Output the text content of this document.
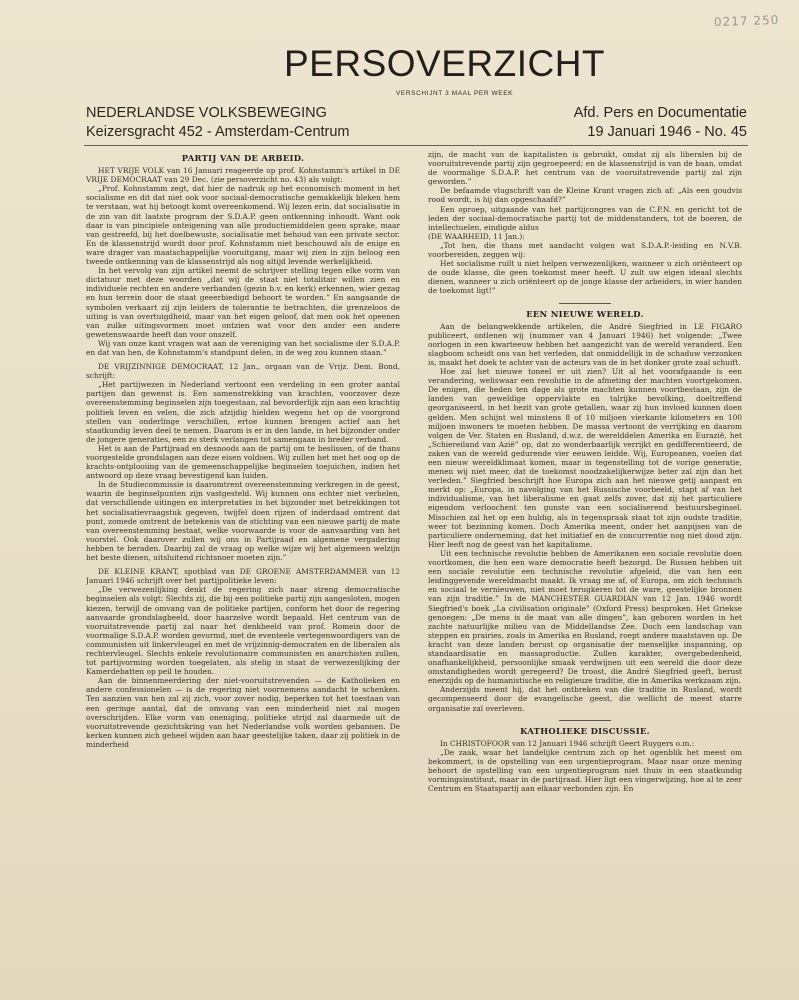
0217 250
PERSOVERZICHT
VERSCHIJNT 3 MAAL PER WEEK
NEDERLANDSE VOLKSBEWEGING
Keizersgracht 452 - Amsterdam-Centrum
Afd. Pers en Documentatie
19 Januari 1946 - No. 45
PARTIJ VAN DE ARBEID.

HET VRIJE VOLK van 16 Januari reageerde op prof. Kohnstamm's artikel in DE VRIJE DEMOCRAAT van 29 Dec. (zie persoverzicht no. 43) als volgt:

„Prof. Kohnstamm zegt, dat hier de nadruk op het economisch moment in het socialisme en dit dat niet ook voor sociaal-democratische gemakkelijk bleken hem te verstaan, wat hij betoogt komt overeenkomend. Wij lezen erin, dat socialisatie in de zin van dit laatste program der S.D.A.P. geen ontkenning inhoudt. Want ook daar is van pincipiele onteigening van alle productiemiddelen geen sprake, maar van gestreefd, bij het doelbewuste, socialisatie met behoud van een private sector. En de klassenstrijd wordt door prof. Kohnstamm niet beschouwd als de enige en ware drager van maatschappelijke vooruitgang, maar wij zien in zijn beloog een tweede ontkenning van de klassenstrijd als nog altijd levende werkelijkheid.

In het vervolg van zijn artikel neemt de schrijver stelling tegen elke vorm van dictatuur met deze woorden „dat wij de staat niet totalitair willen zien en individuele rechten en andere verbanden (gezin b.v. en kerk) erkennen, wier gezag en hun terrein door de staat geeerbiedigd behoort te worden.” En aangaande de symbolen verkaart zij zijn leiders de tolerantie te betrachten, die grenzeloos de uiting is van overtuigdheid, maar van het eigen geloof, dat men ook het opeenen van zulke uitingsvormen moet ontzien wat voor den ander een andere gewetenswaarde heeft dan voor onszelf.

Wij van onze kant vragen wat aan de vereniging van het socialisme der S.D.A.P. en dat van hen, de Kohnstamm's standpunt delen, in de weg zou kunnen staan.”

DE VRIJZINNIGE DEMOCRAAT, 12 Jan., orgaan van de Vrijz. Dem. Bond, schrijft:

„Het partijwezen in Nederland vertoont een verdeling in een groter aantal partijen dan gewenst is. Een samenstrekking van krachten, voorzover deze overeenstemming beginselen zijn toegestaan, zal bevorderlijk zijn aan een krachtig politiek leven en velen, die zich afzijdig hielden wegens het op de voorgrond stellen van onderlinge verschillen, ertoe kunnen brengen actief aan het staatkundig leven deel te nemen. Daarom is er in den lande, in het bijzonder onder de jongere generaties, een zo sterk verlangen tot samengaan in breder verband.

Het is aan de Partijraad en desnoods aan de partij om te beslissen, of de thans voorgestelde grondslagen aan deze eisen voldoen. Wij zullen het met het oog op de krachts-ontplooiing van de gemeenschappelijke beginselen toejuichen, indien het antwoord op deze vraag bevestigend kan luiden.

In de Studiecommissie is daaromtrent overeenstemming verkregen in de geest, waarin de beginselpunten zijn vastgesteld. Wij kunnen ons echter niet verhelen, dat verschillende uitingen en interpretaties in het bijzonder met betrekkingen tot het socialisatievraagstuk gegeven, twijfel doen rijzen of inderdaad omtrent dat punt, zomede omtrent de betekenis van de stichting van een nieuwe partij de mate van overeenstemming bestaat, welke voorwaarde is voor de aanvaarding van het voorstel. Ook daarover zullen wij ons in Partijraad en algemene vergadering hebben te beraden. Daarbij zal de vraag op welke wijze wij het algemeen welzijn het beste dienen, uitsluitend richtsnoer moeten zijn.”

DE KLEINE KRANT, spotblad van DE GROENE AMSTERDAMMER van 12 Januari 1946 schrijft over het partijpolitieke leven:

„De verwezenlijking denkt de regering zich naar streng democratische beginselen als volgt: Slechts zij, die bij een politieke partij zijn aangesloten, mogen kiezen, terwijl de omvang van de politieke partijen, conform het door de regering aanvaarde grondslagbeeld, door haarzelve wordt bepaald. Het centrum van de vooruitstrevende partij zal naar het denkbeeld van prof. Romein door de voormalige S.D.A.P. worden gevormd, met de eventeele vertegenwoordigers van de communisten uit linkervleugel en met de vrijzinnig-democraten en de liberalen als rechtervleugel. Slechts enkele revolutionaire communisten en anarchisten zullen, tot partijvorming worden toegelaten, als stelig in staat de verwezenlijking der Kamerdebatten op peil te houden.

Aan de binnenmeerdering der niet-vooruitstrevenden — de Katholieken en andere confessionelen — is de regering niet voornemens aandacht te schenken. Ten aanzien van hen zal zij zich, voor zover nodig, beperken tot het toestaan van een geringe aantal, dat de omvang van een minderheid niet zal mogen overschrijden. Elke vorm van oneniging, politieke strijd zal daarmede uit de vooruitstrevende gezichtskring van het Nederlandse volk worden gebannen. De kerken kunnen zich geheel wijden aan haar geestelijke taken, daar zij politiek in de minderheid

zijn, de macht van de kapitalisten is gebruikt, omdat zij als liberalen bij de vooruitstrevende partij zijn gegroepeerd; en de klassenstrijd is van de baan, omdat de voormalige S.D.A.P. het centrum van de vooruitstrevende partij zal zijn geworden.”

De befaamde vlugschrift van de Kleine Krant vragen zich af: „Als een goudvis rood wordt, is hij dan opgeschaafd?”

Een oproep, uitgaande van het partijcongres van de C.P.N. en gericht tot de leden der sociaal-democratische partij tot de middenstanders, tot de boeren, de intellectuelen, eindigde aldus

(DE WAARHEID, 11 Jan.):

„Tot hen, die thans met aandacht volgen wat S.D.A.P.-leiding en N.V.B. voorbereiden, zeggen wij:

Het socialisme ruilt u niet helpen verwezenlijken, wanneer u zich oriënteert op de oude klasse, die geen toekomst meer heeft. U zult uw eigen ideaal slechts dienen, wanneer u zich oriënteert op de jonge klasse der arbeiders, in wier handen de toekomst ligt!”

EEN NIEUWE WERELD.

Aan de belangwekkende artikelen, die André Siegfried in LE FIGARO publiceert, ontlenen wij (nummer van 4 Januari 1946) het volgende: „Twee oorlogen in een kwarteeuw hebben het aangezicht van de wereld veranderd. Een slagboom scheidt ons van het verleden, dat onmiddellijk in de schaduw verzonken is, maakt het doek te achter van de acteurs van de in het donker grote zaal schuift.

Hoe zal het nieuwe toneel er uit zien? Uit al het voorafgaande is een verandering, weliswaar een revolutie in de afmeting der machten voortgekomen. De enigen, die heden ten dage als grote machten kunnen voortbestaan, zijn de landen van geweldige oppervlakte en talrijke bevolking, doeltreffend georganiseerd, in het bezit van grote getallen, waar zij hun invloed kunnen doen gelden. Men schijnt wel minstens 8 of 10 miljoen vierkante kilometers en 100 miljoen inwoners te moeten hebben. De massa vertoont de verrijking en daarom volgen de Ver. Staten en Rusland, d.w.z. de werelddelen Amerika en Eurazië, het „Schiereiland van Azië” op, dat zo wonderbaarlijk verrijkt en gedifferentieerd, de zaken van de wereld gedurende vier eeuwen leidde. Wij, Europeanen, voelen dat een nieuw wereldklimaat komen, maar in tegenstelling tot de vorige generatie, menen wij niet meer, dat de toekomst noodzakelijkerwijze beter zal zijn dan het verleden.” Siegfried beschrijft hoe Europa zich aan het nieuwe getij aanpast en merkt op: „Europa, in navolging van het Russische voorbeeld, stapt af van het individualisme, van het liberalisme en gaat zelfs zover, dat zij het particuliere eigendom verloochent ten gunste van een socialiserend bestuursbeginsel. Misschien zal het op een huldig, als in tegenspraak staat tot zijn oudste traditie, weer tot bezinning komen. Doch Amerika meent, onder het aanpijsen van de particuliere onderneming, dat het initiatief en de concurrentie nog niet dood zijn. Hier leeft nog de geest van het kapitalisme.

Uit een technische revolutie hebben de Amerikanen een sociale revolutie doen voortkomen, die hen een ware democratie heeft bezorgd. De Russen hebben uit een sociale revolutie een technische revolutie afgeleid, die van hen een leidinggevende wereldmacht maakt. Ik vraag me af, of Europa, om zich technisch en sociaal te vernieuwen, niet moet terugkeren tot de ware, geestelijke bronnen van zijn traditie.” In de MANCHESTER GUARDIAN van 12 Jan. 1946 wordt Siegfried's boek „La civilisation originale” (Oxford Press) besproken. Het Griekse genoegen: „De mens is de maat van alle dingen”, kan geboren worden in het zachte natuurlijke milieu van de Middellandse Zee. Doch een landschap van steppen en prairies, zoals in Amerika en Rusland, roept andere maatstaven op. De kracht van deze landen berust op organisatie der menselijke inspanning, op standaardisatie en massaproductie. Zullen karakter, overgebedenheid, onafhankelijkheid, persoonlijke smaak verdwijnen uit een wereld die door deze omstandigheden wordt geregeerd? De troost, die André Siegfried geeft, berust enerzijds op de humanistische en religieuze traditie, die in Amerika werkzaam zijn.

Anderzijds meent hij, dat het ontbreken van die traditie in Rusland, wordt gecompenseerd door de evangelische geest, die wellicht de meest starre organisatie zal overleven.

KATHOLIEKE DISCUSSIE.

In CHRISTOFOOR van 12 Januari 1946 schrijft Geert Ruygers o.m.:

„De zaak, waar het landelijke centrum zich op het ogenblik het meest om bekommert, is de opstelling van een urgentieprogram. Maar naar onze mening behoort de opstelling van een urgentieprogram niet thuis in een staatkundig vormingsinstituut, maar in de partijraad. Hier ligt een vingerwijzing, hoe al te zeer Centrum en Staatspartij aan elkaar verbonden zijn. En
